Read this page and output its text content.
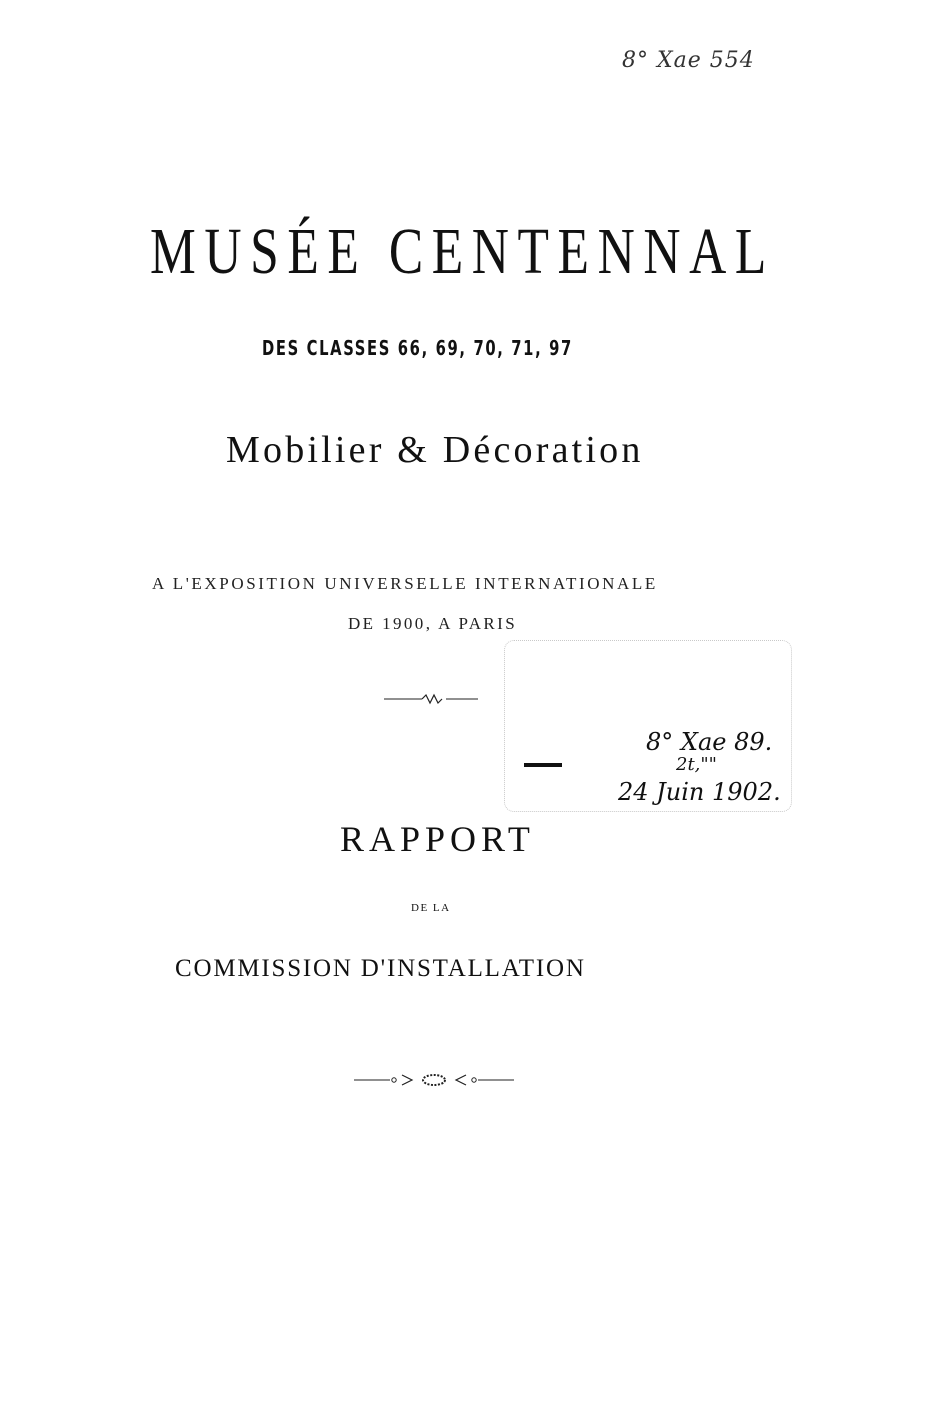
8° Xae 554
MUSÉE CENTENNAL
DES CLASSES 66, 69, 70, 71, 97
Mobilier & Décoration
A L'EXPOSITION UNIVERSELLE INTERNATIONALE
DE 1900, A PARIS
8° Xae 89.
2t,""
24 Juin 1902.
RAPPORT
DE LA
COMMISSION D'INSTALLATION
